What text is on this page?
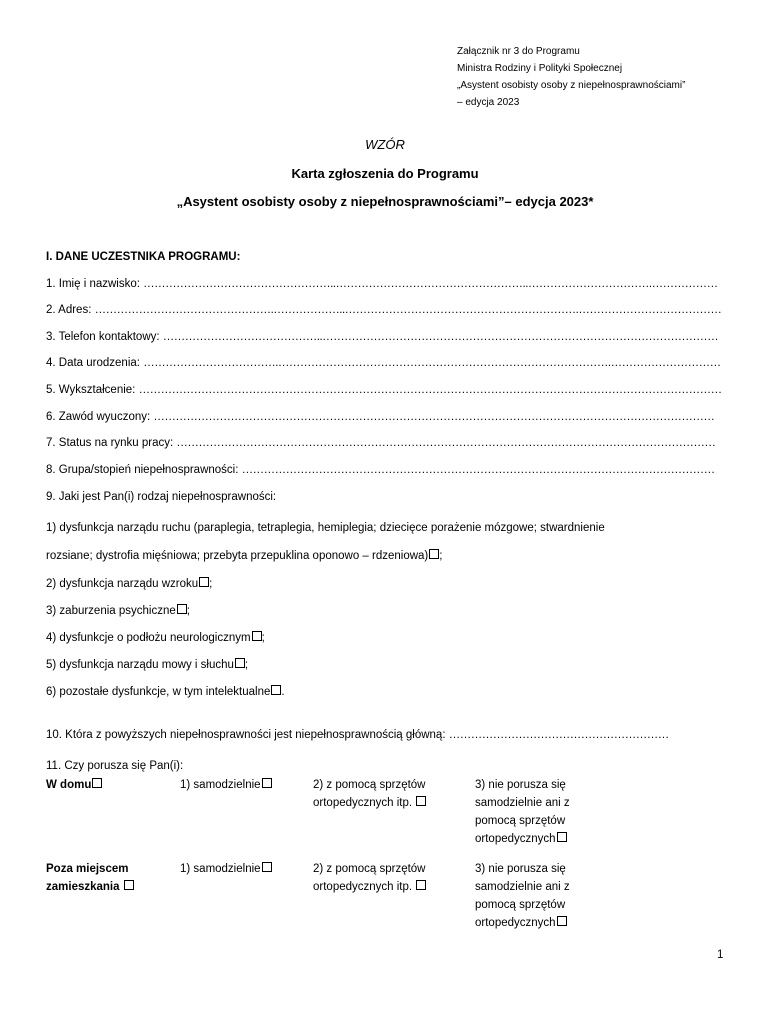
Załącznik nr 3 do Programu
Ministra Rodziny i Polityki Społecznej
„Asystent osobisty osoby z niepełnosprawnościami”
– edycja 2023
WZÓR
Karta zgłoszenia do Programu
„Asystent osobisty osoby z niepełnosprawnościami”– edycja 2023*
I. DANE UCZESTNIKA PROGRAMU:
1. Imię i nazwisko: ……………………………………………..……………………………………………..…………………………….………………
2. Adres: ………………………………………….………………..……………………………………………………….…………………………………
3. Telefon kontaktowy: ……………………………………..………………………………………………………………………………………………
4. Data urodzenia: ……………………………….……………………………………………………………………………….…………………………
5. Wykształcenie: ……………………………………………………………………………………………………………………………………………
6. Zawód wyuczony: ………………………………………………………………………………………………………………………………………
7. Status na rynku pracy: …………………………………………………………………………………………………………………………………
8. Grupa/stopień niepełnosprawności: …………………………………………………………………………………………………………………
9. Jaki jest Pan(i) rodzaj niepełnosprawności:
1) dysfunkcja narządu ruchu (paraplegia, tetraplegia, hemiplegia; dziecięce porażenie mózgowe; stwardnienie
rozsiane; dystrofia mięśniowa; przebyta przepuklina oponowo – rdzeniowa) ;
2) dysfunkcja narządu wzroku ;
3) zaburzenia psychiczne ;
4) dysfunkcje o podłożu neurologicznym ;
5) dysfunkcja narządu mowy i słuchu ;
6) pozostałe dysfunkcje, w tym intelektualne .
10. Która z powyższych niepełnosprawności jest niepełnosprawnością główną: ……………………………………………………
11. Czy porusza się Pan(i):
W domu	1) samodzielnie	2) z pomocą sprzętów
ortopedycznych itp.
3) nie porusza się
samodzielnie ani z
pomocą sprzętów
ortopedycznych
Poza miejscem
zamieszkania
1) samodzielnie	2) z pomocą sprzętów
ortopedycznych itp.
3) nie porusza się
samodzielnie ani z
pomocą sprzętów
ortopedycznych
1
